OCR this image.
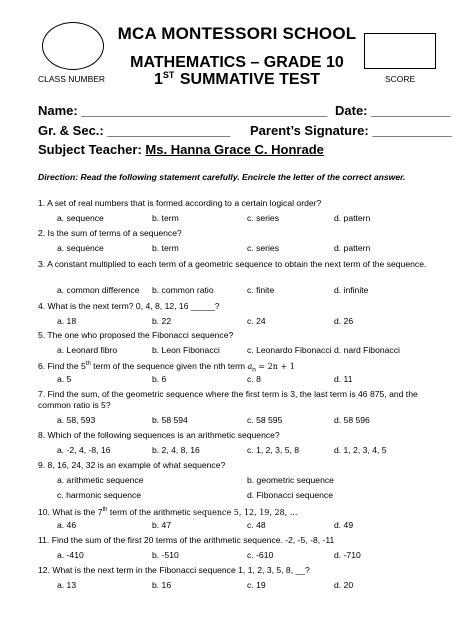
CLASS NUMBER	SCORE
MCA MONTESSORI SCHOOL
MATHEMATICS – GRADE 10
1ST SUMMATIVE TEST
Name: __________________________________ Date: ___________
Gr. & Sec.: _________________ Parent’s Signature: ___________
Subject Teacher: Ms. Hanna Grace C. Honrade
Direction: Read the following statement carefully. Encircle the letter of the correct answer.
1. A set of real numbers that is formed according to a certain logical order?
a. sequence	b. term	c. series	d. pattern
2. Is the sum of terms of a sequence?
a. sequence	b. term	c. series	d. pattern
3. A constant multiplied to each term of a geometric sequence to obtain the next term of the sequence.
a. common difference b. common ratio	c. finite	d. infinite
4. What is the next term? 0, 4, 8, 12, 16 _____?
a. 18	b. 22	c. 24	d. 26
5. The one who proposed the Fibonacci sequence?
a. Leonard fibro	b. Leon Fibonacci	c. Leonardo Fibonacci d. nard Fibonacci
6. Find the 5th term of the sequence given the nth term $a_n = 2n + 1$
a. 5	b. 6	c. 8	d. 11
7. Find the sum, of the geometric sequence where the first term is 3, the last term is 46 875, and the common ratio is 5?
a. 58, 593	b. 58 594	c. 58 595	d. 58 596
8. Which of the following sequences is an arithmetic sequence?
a. -2, 4, -8, 16	b. 2, 4, 8, 16	c. 1, 2, 3, 5, 8	d. 1, 2, 3, 4, 5
9. 8, 16, 24, 32 is an example of what sequence?
a. arithmetic sequence	b. geometric sequence
c. harmonic sequence	d. Fibonacci sequence
10. What is the 7th term of the arithmetic sequence 5, 12, 19, 28, ...
a. 46	b. 47	c. 48	d. 49
11. Find the sum of the first 20 terms of the arithmetic sequence. -2, -5, -8, -11
a. -410	b. -510	c. -610	d. -710
12. What is the next term in the Fibonacci sequence 1, 1, 2, 3, 5, 8, __?
a. 13	b. 16	c. 19	d. 20
